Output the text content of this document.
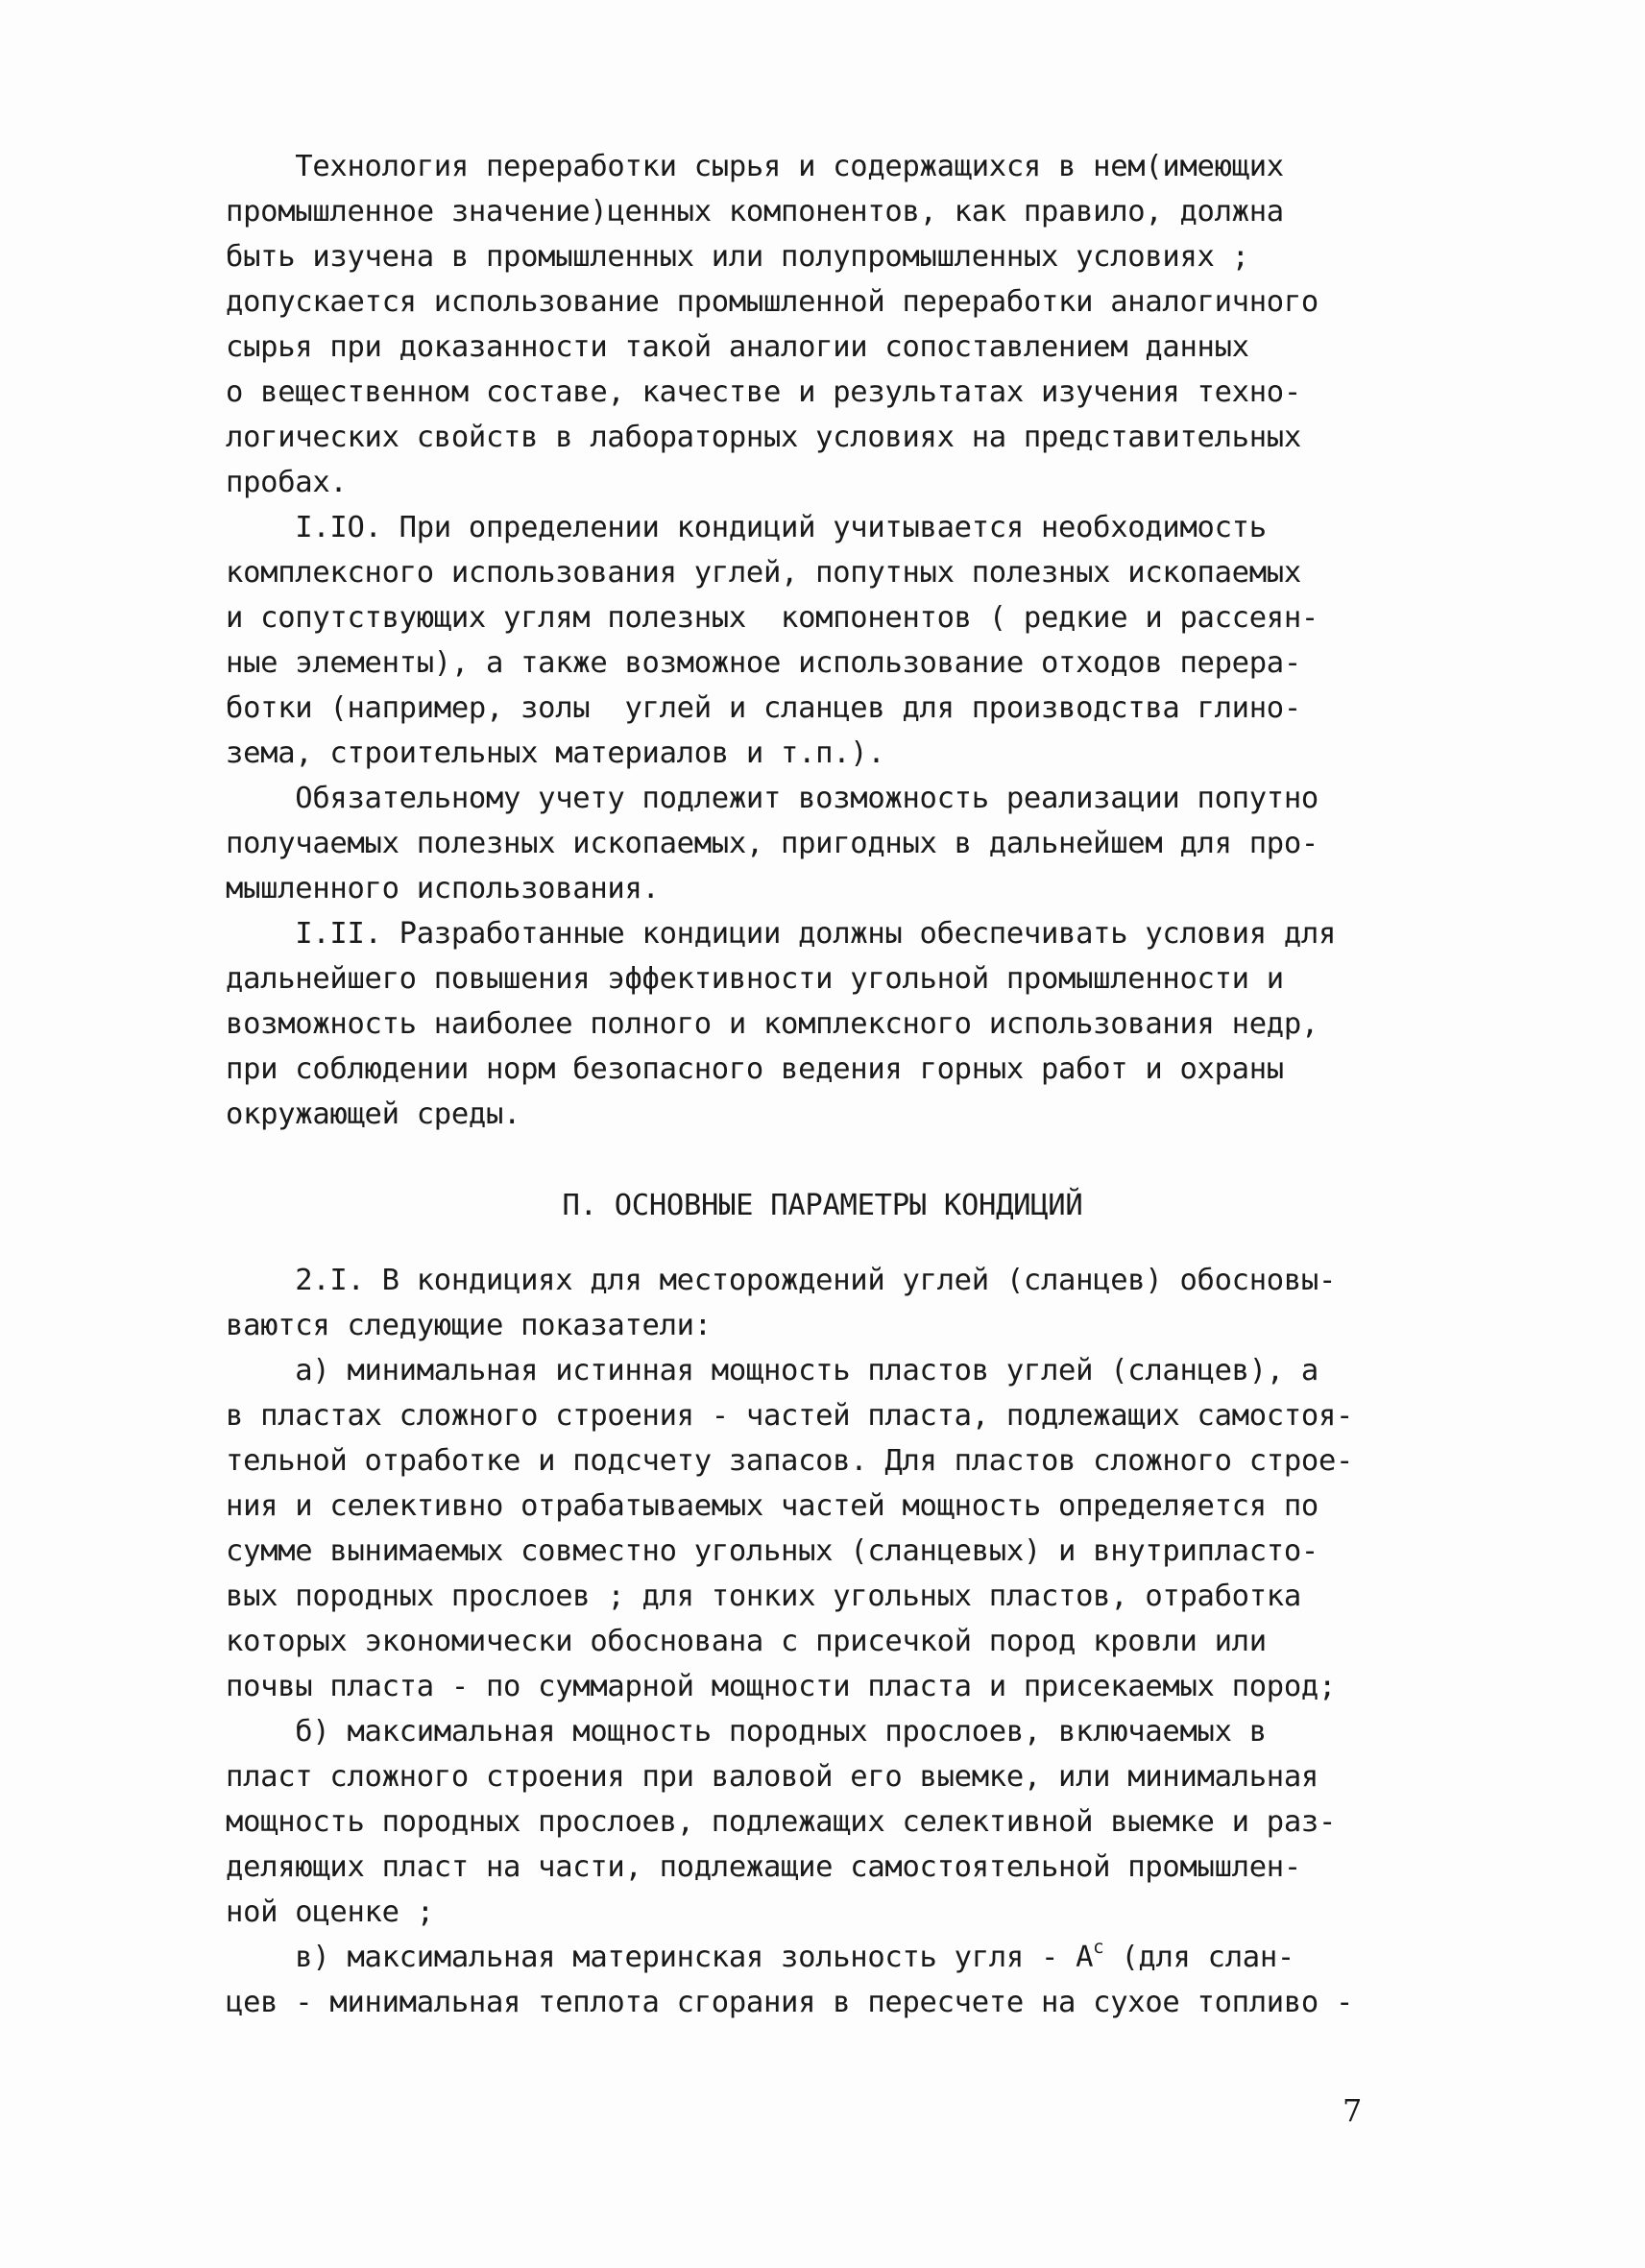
Технология переработки сырья и содержащихся в нем(имеющих
промышленное значение)ценных компонентов, как правило, должна
быть изучена в промышленных или полупромышленных условиях ;
допускается использование промышленной переработки аналогичного
сырья при доказанности такой аналогии сопоставлением данных
о вещественном составе, качестве и результатах изучения техно-
логических свойств в лабораторных условиях на представительных
пробах.
I.IO. При определении кондиций учитывается необходимость
комплексного использования углей, попутных полезных ископаемых
и сопутствующих углям полезных  компонентов ( редкие и рассеян-
ные элементы), а также возможное использование отходов перера-
ботки (например, золы  углей и сланцев для производства глино-
зема, строительных материалов и т.п.).
Обязательному учету подлежит возможность реализации попутно
получаемых полезных ископаемых, пригодных в дальнейшем для про-
мышленного использования.
I.II. Разработанные кондиции должны обеспечивать условия для
дальнейшего повышения эффективности угольной промышленности и
возможность наиболее полного и комплексного использования недр,
при соблюдении норм безопасного ведения горных работ и охраны
окружающей среды.
П. ОСНОВНЫЕ ПАРАМЕТРЫ КОНДИЦИЙ
2.I. В кондициях для месторождений углей (сланцев) обосновы-
ваются следующие показатели:
а) минимальная истинная мощность пластов углей (сланцев), а
в пластах сложного строения - частей пласта, подлежащих самостоя-
тельной отработке и подсчету запасов. Для пластов сложного строе-
ния и селективно отрабатываемых частей мощность определяется по
сумме вынимаемых совместно угольных (сланцевых) и внутрипласто-
вых породных прослоев ; для тонких угольных пластов, отработка
которых экономически обоснована с присечкой пород кровли или
почвы пласта - по суммарной мощности пласта и присекаемых пород;
б) максимальная мощность породных прослоев, включаемых в
пласт сложного строения при валовой его выемке, или минимальная
мощность породных прослоев, подлежащих селективной выемке и раз-
деляющих пласт на части, подлежащие самостоятельной промышлен-
ной оценке ;
в) максимальная материнская зольность угля - $A^c$ (для слан-
цев - минимальная теплота сгорания в пересчете на сухое топливо -
7
